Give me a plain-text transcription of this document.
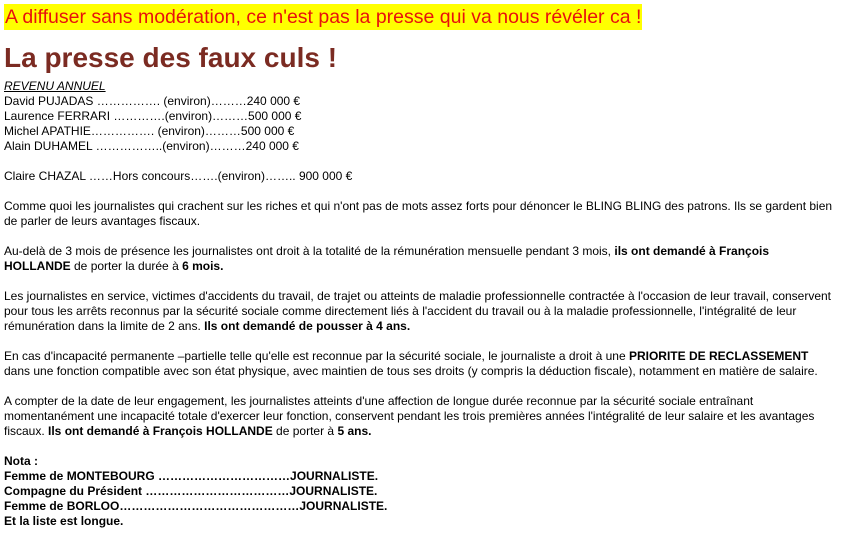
A diffuser sans modération, ce n'est pas la presse qui va nous révéler ca !
La presse des faux culs !

REVENU ANNUEL

David PUJADAS ……………. (environ)………240 000 €

Laurence FERRARI ………….(environ)………500 000 €

Michel APATHIE……………. (environ)………500 000 €

Alain DUHAMEL ……………..(environ)………240 000 €

Claire CHAZAL ……Hors concours…….(environ)…….. 900 000 €

Comme quoi les journalistes qui crachent sur les riches et qui n'ont pas de mots assez forts pour dénoncer le BLING BLING des patrons. Ils se gardent bien de parler de leurs avantages fiscaux.

Au-delà de 3 mois de présence les journalistes ont droit à la totalité de la rémunération mensuelle pendant 3 mois, ils ont demandé à François HOLLANDE de porter la durée à 6 mois.

Les journalistes en service, victimes d'accidents du travail, de trajet ou atteints de maladie professionnelle contractée à l'occasion de leur travail, conservent pour tous les arrêts reconnus par la sécurité sociale comme directement liés à l'accident du travail ou à la maladie professionnelle, l'intégralité de leur rémunération dans la limite de 2 ans. Ils ont demandé de pousser à 4 ans.

En cas d'incapacité permanente –partielle telle qu'elle est reconnue par la sécurité sociale, le journaliste a droit à une PRIORITE DE RECLASSEMENT dans une fonction compatible avec son état physique, avec maintien de tous ses droits (y compris la déduction fiscale), notamment en matière de salaire.

A compter de la date de leur engagement, les journalistes atteints d'une affection de longue durée reconnue par la sécurité sociale entraînant momentanément une incapacité totale d'exercer leur fonction, conservent pendant les trois premières années l'intégralité de leur salaire et les avantages fiscaux. Ils ont demandé à François HOLLANDE de porter à 5 ans.

Nota :

Femme de MONTEBOURG ……………………………JOURNALISTE.

Compagne du Président ………………………………JOURNALISTE.

Femme de BORLOO………………………………………JOURNALISTE.

Et la liste est longue.
